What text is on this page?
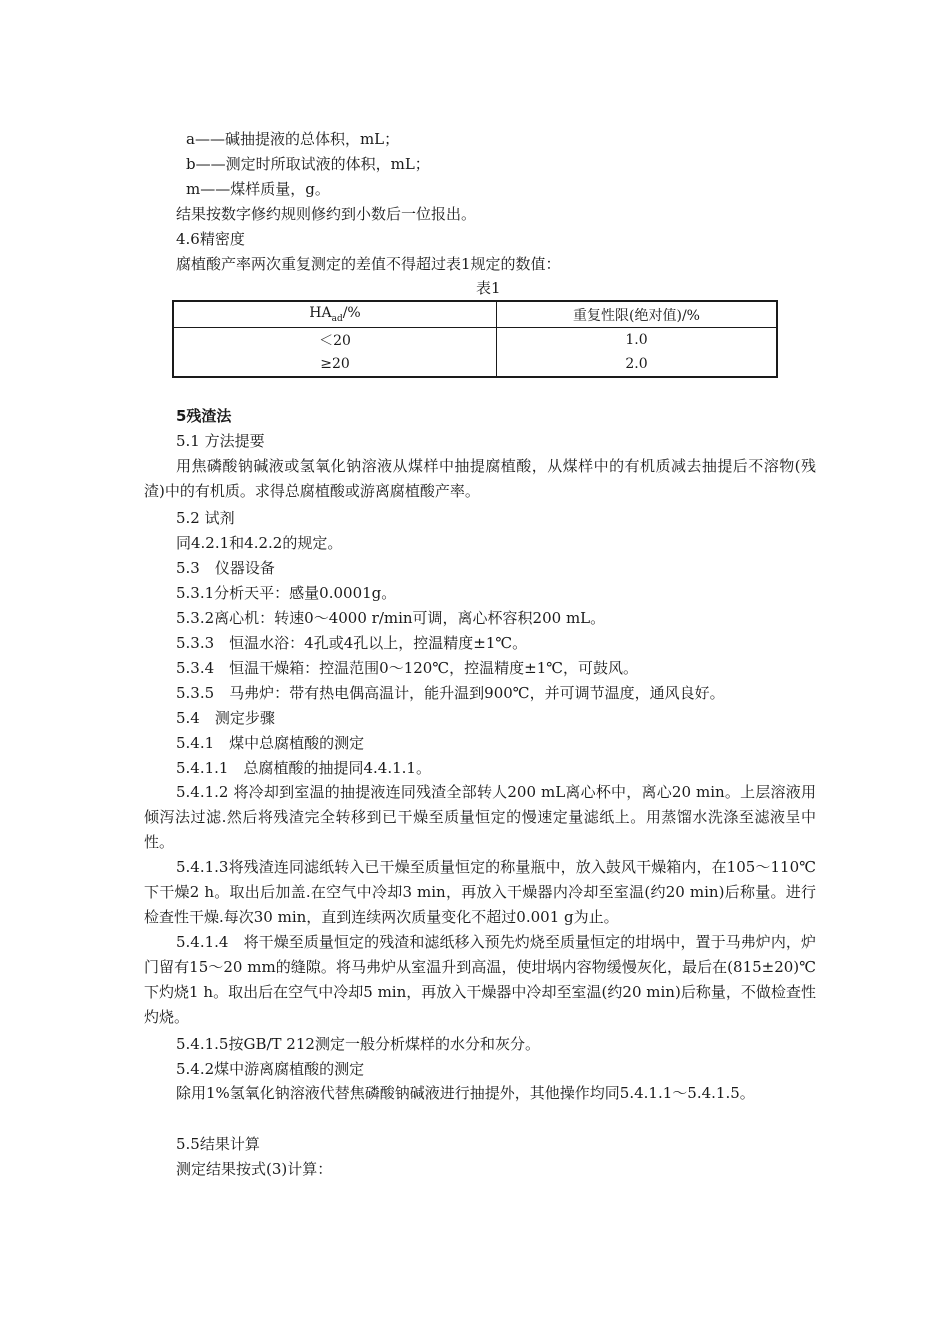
a——碱抽提液的总体积，mL；
b——测定时所取试液的体积，mL；
m——煤样质量，g。
结果按数字修约规则修约到小数后一位报出。
4.6精密度
腐植酸产率两次重复测定的差值不得超过表1规定的数值：
表1
$HA_{ad}/\%$	重复性限(绝对值)/%
＜20	1.0
≥20	2.0
5残渣法
5.1 方法提要
用焦磷酸钠碱液或氢氧化钠溶液从煤样中抽提腐植酸，从煤样中的有机质减去抽提后不溶物(残渣)中的有机质。求得总腐植酸或游离腐植酸产率。
5.2 试剂
同4.2.1和4.2.2的规定。
5.3　仪器设备
5.3.1分析天平：感量0.0001g。
5.3.2离心机：转速0～4000 r/min可调，离心杯容积200 mL。
5.3.3　恒温水浴：4孔或4孔以上，控温精度±1℃。
5.3.4　恒温干燥箱：控温范围0～120℃，控温精度±1℃，可鼓风。
5.3.5　马弗炉：带有热电偶高温计，能升温到900℃，并可调节温度，通风良好。
5.4　测定步骤
5.4.1　煤中总腐植酸的测定
5.4.1.1　总腐植酸的抽提同4.4.1.1。
5.4.1.2 将冷却到室温的抽提液连同残渣全部转人200 mL离心杯中，离心20 min。上层溶液用倾泻法过滤.然后将残渣完全转移到已干燥至质量恒定的慢速定量滤纸上。用蒸馏水洗涤至滤液呈中性。
5.4.1.3将残渣连同滤纸转入已干燥至质量恒定的称量瓶中，放入鼓风干燥箱内，在105～110℃下干燥2 h。取出后加盖.在空气中冷却3 min，再放入干燥器内冷却至室温(约20 min)后称量。进行检查性干燥.每次30 min，直到连续两次质量变化不超过0.001 g为止。
5.4.1.4　将干燥至质量恒定的残渣和滤纸移入预先灼烧至质量恒定的坩埚中，置于马弗炉内，炉门留有15～20 mm的缝隙。将马弗炉从室温升到高温，使坩埚内容物缓慢灰化，最后在(815±20)℃下灼烧1 h。取出后在空气中冷却5 min，再放入干燥器中冷却至室温(约20 min)后称量，不做检查性灼烧。
5.4.1.5按GB/T 212测定一般分析煤样的水分和灰分。
5.4.2煤中游离腐植酸的测定
除用1%氢氧化钠溶液代替焦磷酸钠碱液进行抽提外，其他操作均同5.4.1.1～5.4.1.5。
5.5结果计算
测定结果按式(3)计算：
